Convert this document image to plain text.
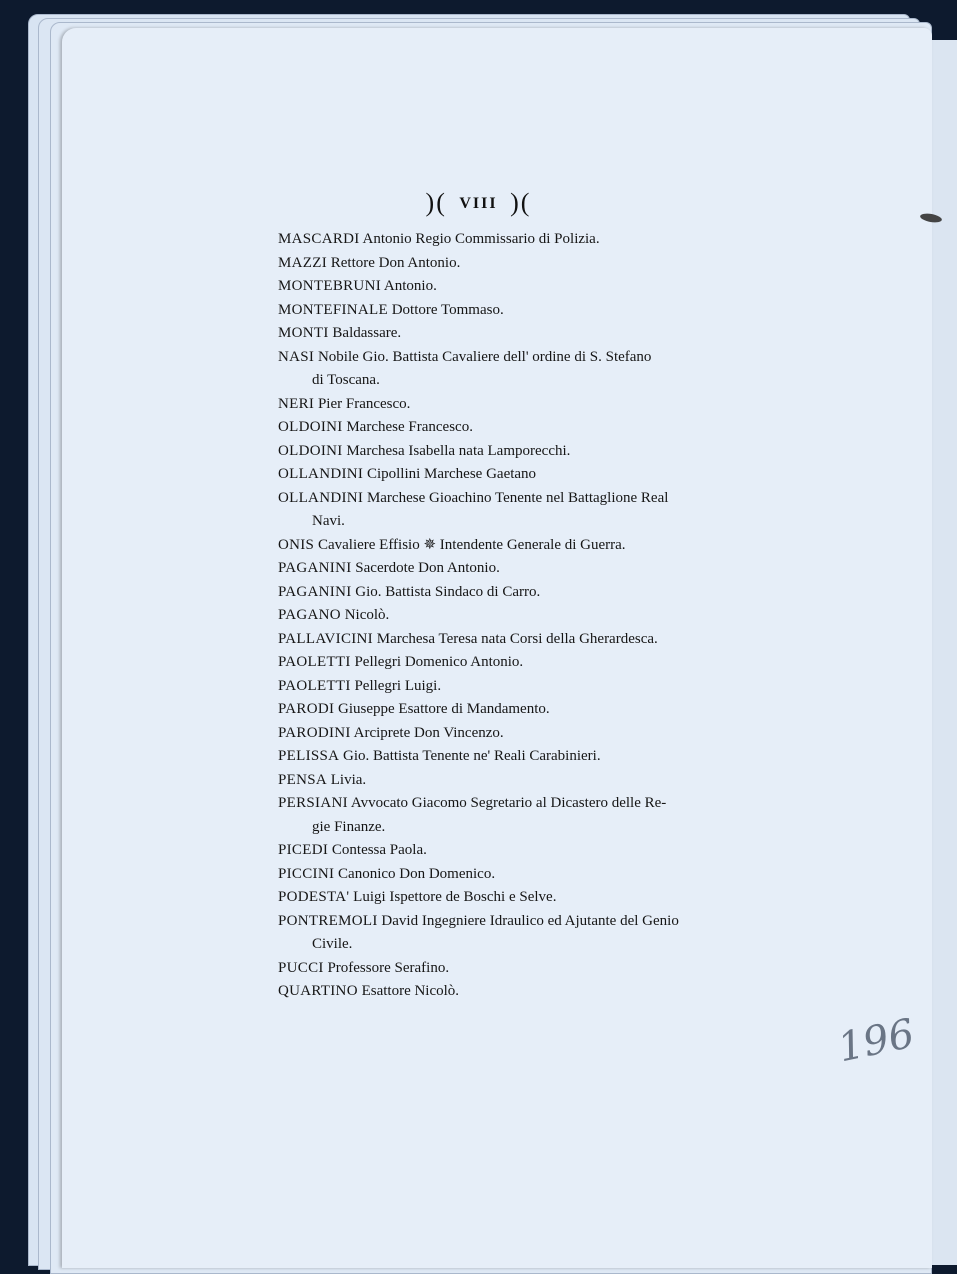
)( VIII )(
MASCARDI Antonio Regio Commissario di Polizia.
MAZZI Rettore Don Antonio.
MONTEBRUNI Antonio.
MONTEFINALE Dottore Tommaso.
MONTI Baldassare.
NASI Nobile Gio. Battista Cavaliere dell' ordine di S. Stefano
di Toscana.
NERI Pier Francesco.
OLDOINI Marchese Francesco.
OLDOINI Marchesa Isabella nata Lamporecchi.
OLLANDINI Cipollini Marchese Gaetano
OLLANDINI Marchese Gioachino Tenente nel Battaglione Real
Navi.
ONIS Cavaliere Effisio ✵ Intendente Generale di Guerra.
PAGANINI Sacerdote Don Antonio.
PAGANINI Gio. Battista Sindaco di Carro.
PAGANO Nicolò.
PALLAVICINI Marchesa Teresa nata Corsi della Gherardesca.
PAOLETTI Pellegri Domenico Antonio.
PAOLETTI Pellegri Luigi.
PARODI Giuseppe Esattore di Mandamento.
PARODINI Arciprete Don Vincenzo.
PELISSA Gio. Battista Tenente ne' Reali Carabinieri.
PENSA Livia.
PERSIANI Avvocato Giacomo Segretario al Dicastero delle Re-
gie Finanze.
PICEDI Contessa Paola.
PICCINI Canonico Don Domenico.
PODESTA' Luigi Ispettore de Boschi e Selve.
PONTREMOLI David Ingegniere Idraulico ed Ajutante del Genio
Civile.
PUCCI Professore Serafino.
QUARTINO Esattore Nicolò.
196
